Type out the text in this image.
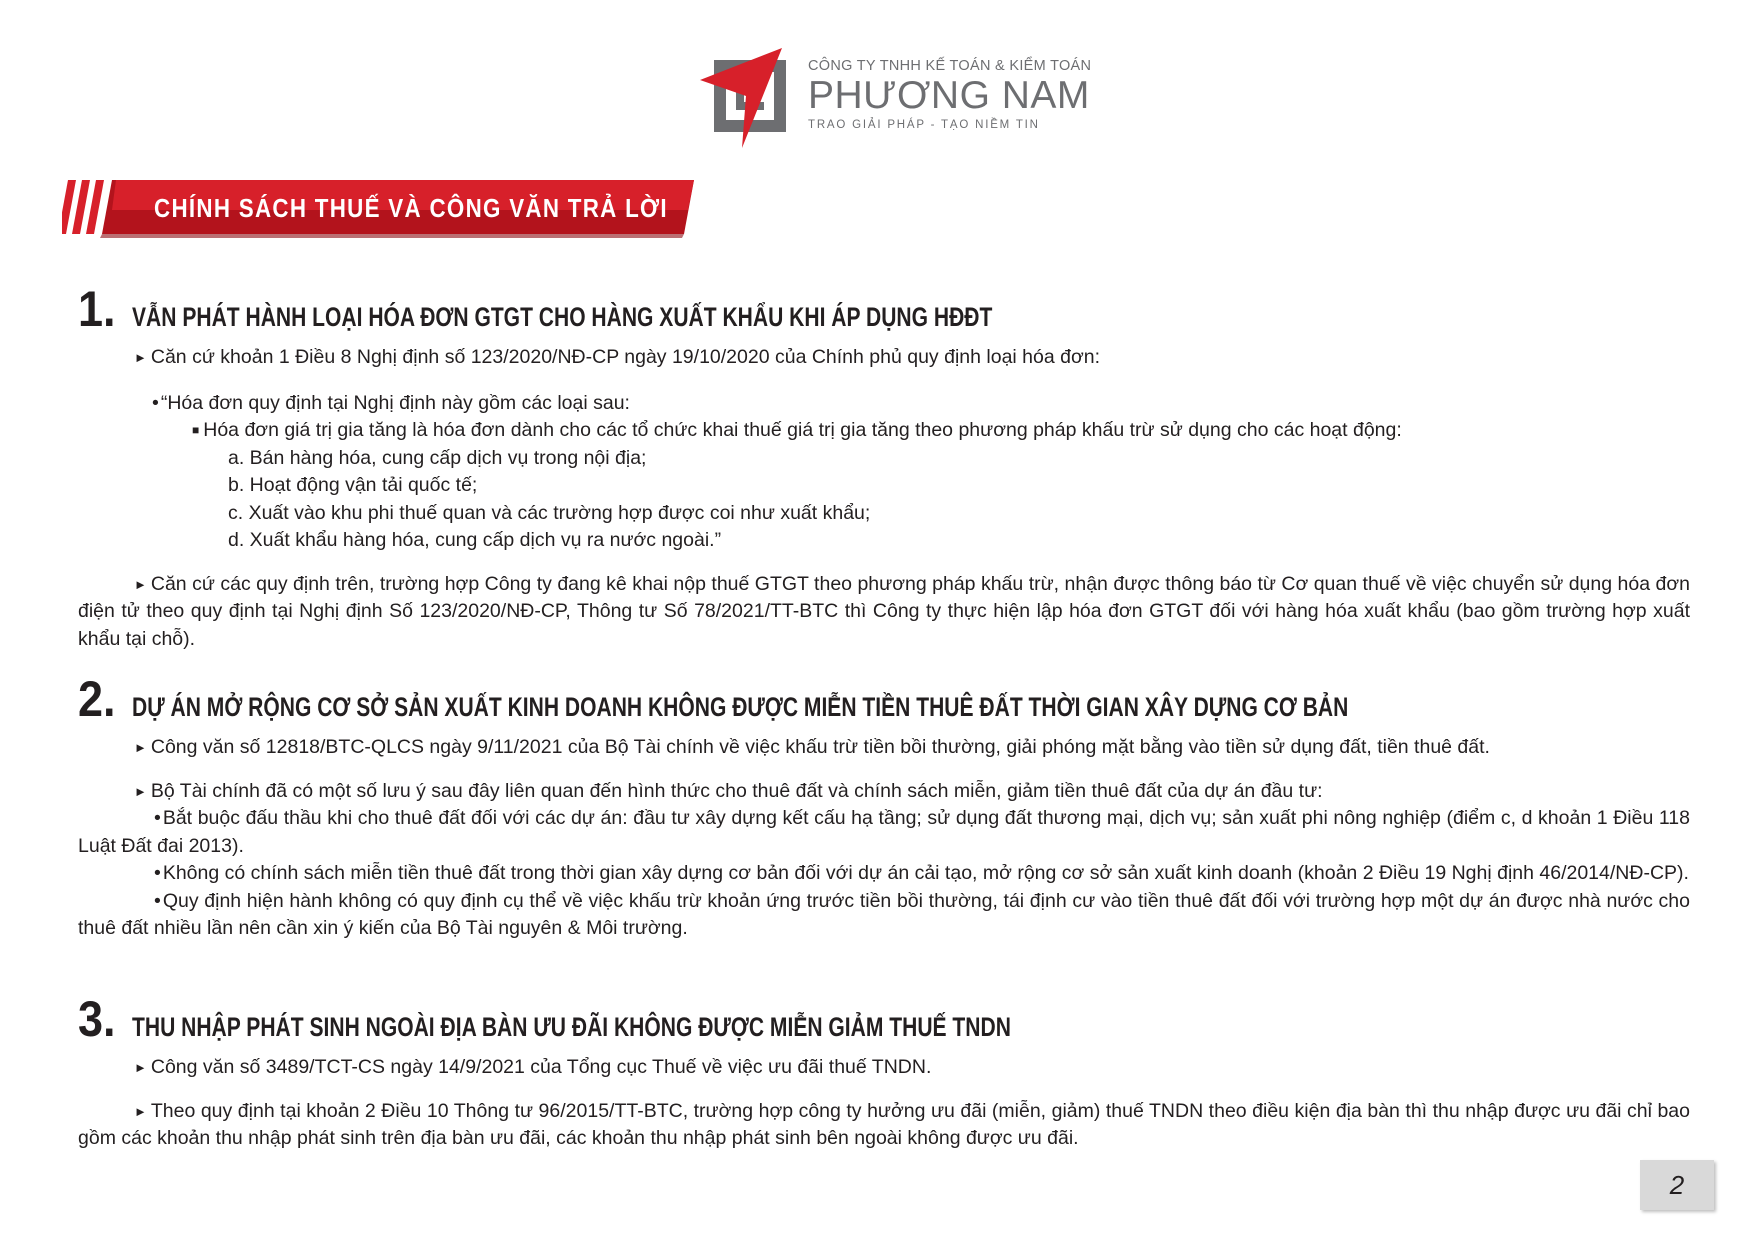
CÔNG TY TNHH KẾ TOÁN & KIỂM TOÁN
PHƯƠNG NAM
TRAO GIẢI PHÁP - TẠO NIỀM TIN
CHÍNH SÁCH THUẾ VÀ CÔNG VĂN TRẢ LỜI
1. VẪN PHÁT HÀNH LOẠI HÓA ĐƠN GTGT CHO HÀNG XUẤT KHẨU KHI ÁP DỤNG HĐĐT
► Căn cứ khoản 1 Điều 8 Nghị định số 123/2020/NĐ-CP ngày 19/10/2020 của Chính phủ quy định loại hóa đơn:
• “Hóa đơn quy định tại Nghị định này gồm các loại sau:
■ Hóa đơn giá trị gia tăng là hóa đơn dành cho các tổ chức khai thuế giá trị gia tăng theo phương pháp khấu trừ sử dụng cho các hoạt động:
a. Bán hàng hóa, cung cấp dịch vụ trong nội địa;
b. Hoạt động vận tải quốc tế;
c. Xuất vào khu phi thuế quan và các trường hợp được coi như xuất khẩu;
d. Xuất khẩu hàng hóa, cung cấp dịch vụ ra nước ngoài.”
► Căn cứ các quy định trên, trường hợp Công ty đang kê khai nộp thuế GTGT theo phương pháp khấu trừ, nhận được thông báo từ Cơ quan thuế về việc chuyển sử dụng hóa đơn điện tử theo quy định tại Nghị định Số 123/2020/NĐ-CP, Thông tư Số 78/2021/TT-BTC thì Công ty thực hiện lập hóa đơn GTGT đối với hàng hóa xuất khẩu (bao gồm trường hợp xuất khẩu tại chỗ).
2. DỰ ÁN MỞ RỘNG CƠ SỞ SẢN XUẤT KINH DOANH KHÔNG ĐƯỢC MIỄN TIỀN THUÊ ĐẤT THỜI GIAN XÂY DỰNG CƠ BẢN
► Công văn số 12818/BTC-QLCS ngày 9/11/2021 của Bộ Tài chính về việc khấu trừ tiền bồi thường, giải phóng mặt bằng vào tiền sử dụng đất, tiền thuê đất.
► Bộ Tài chính đã có một số lưu ý sau đây liên quan đến hình thức cho thuê đất và chính sách miễn, giảm tiền thuê đất của dự án đầu tư:
• Bắt buộc đấu thầu khi cho thuê đất đối với các dự án: đầu tư xây dựng kết cấu hạ tầng; sử dụng đất thương mại, dịch vụ; sản xuất phi nông nghiệp (điểm c, d khoản 1 Điều 118 Luật Đất đai 2013).
• Không có chính sách miễn tiền thuê đất trong thời gian xây dựng cơ bản đối với dự án cải tạo, mở rộng cơ sở sản xuất kinh doanh (khoản 2 Điều 19 Nghị định 46/2014/NĐ-CP).
• Quy định hiện hành không có quy định cụ thể về việc khấu trừ khoản ứng trước tiền bồi thường, tái định cư vào tiền thuê đất đối với trường hợp một dự án được nhà nước cho thuê đất nhiều lần nên cần xin ý kiến của Bộ Tài nguyên & Môi trường.
3. THU NHẬP PHÁT SINH NGOÀI ĐỊA BÀN ƯU ĐÃI KHÔNG ĐƯỢC MIỄN GIẢM THUẾ TNDN
► Công văn số 3489/TCT-CS ngày 14/9/2021 của Tổng cục Thuế về việc ưu đãi thuế TNDN.
► Theo quy định tại khoản 2 Điều 10 Thông tư 96/2015/TT-BTC, trường hợp công ty hưởng ưu đãi (miễn, giảm) thuế TNDN theo điều kiện địa bàn thì thu nhập được ưu đãi chỉ bao gồm các khoản thu nhập phát sinh trên địa bàn ưu đãi, các khoản thu nhập phát sinh bên ngoài không được ưu đãi.
2
